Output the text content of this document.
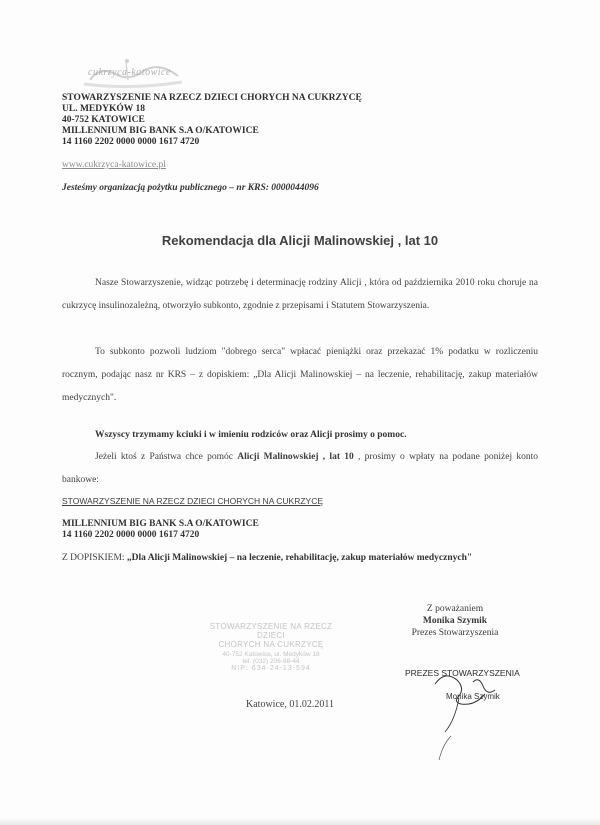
cukrzyca-katowice
STOWARZYSZENIE NA RZECZ DZIECI CHORYCH NA CUKRZYCĘ
UL. MEDYKÓW 18
40-752 KATOWICE
MILLENNIUM BIG BANK S.A O/KATOWICE
14 1160 2202 0000 0000 1617 4720
www.cukrzyca-katowice.pl
Jesteśmy organizacją pożytku publicznego – nr KRS: 0000044096
Rekomendacja dla Alicji Malinowskiej , lat 10
Nasze Stowarzyszenie, widząc potrzebę i determinację rodziny Alicji , która od października 2010 roku choruje na cukrzycę insulinozależną, otworzyło subkonto, zgodnie z przepisami i Statutem Stowarzyszenia.
To subkonto pozwoli ludziom "dobrego serca" wpłacać pieniążki oraz przekazać 1% podatku w rozliczeniu rocznym, podając nasz nr KRS – z dopiskiem: „Dla Alicji Malinowskiej – na leczenie, rehabilitację, zakup materiałów medycznych".
Wszyscy trzymamy kciuki i w imieniu rodziców oraz Alicji prosimy o pomoc.
Jeżeli ktoś z Państwa chce pomóc Alicji Malinowskiej , lat 10 , prosimy o wpłaty na podane poniżej konto bankowe:
STOWARZYSZENIE NA RZECZ DZIECI CHORYCH NA CUKRZYCĘ
MILLENNIUM BIG BANK S.A O/KATOWICE
14 1160 2202 0000 0000 1617 4720
Z DOPISKIEM: „Dla Alicji Malinowskiej – na leczenie, rehabilitację, zakup materiałów medycznych"
Z poważaniem
Monika Szymik
Prezes Stowarzyszenia
STOWARZYSZENIE NA RZECZ DZIECI
CHORYCH NA CUKRZYCĘ
40-752 Katowice, ul. Medyków 18
tel. (032) 206-98-44
NIP: 634-24-13-594
Katowice, 01.02.2011
PREZES STOWARZYSZENIA
Monika Szymik
